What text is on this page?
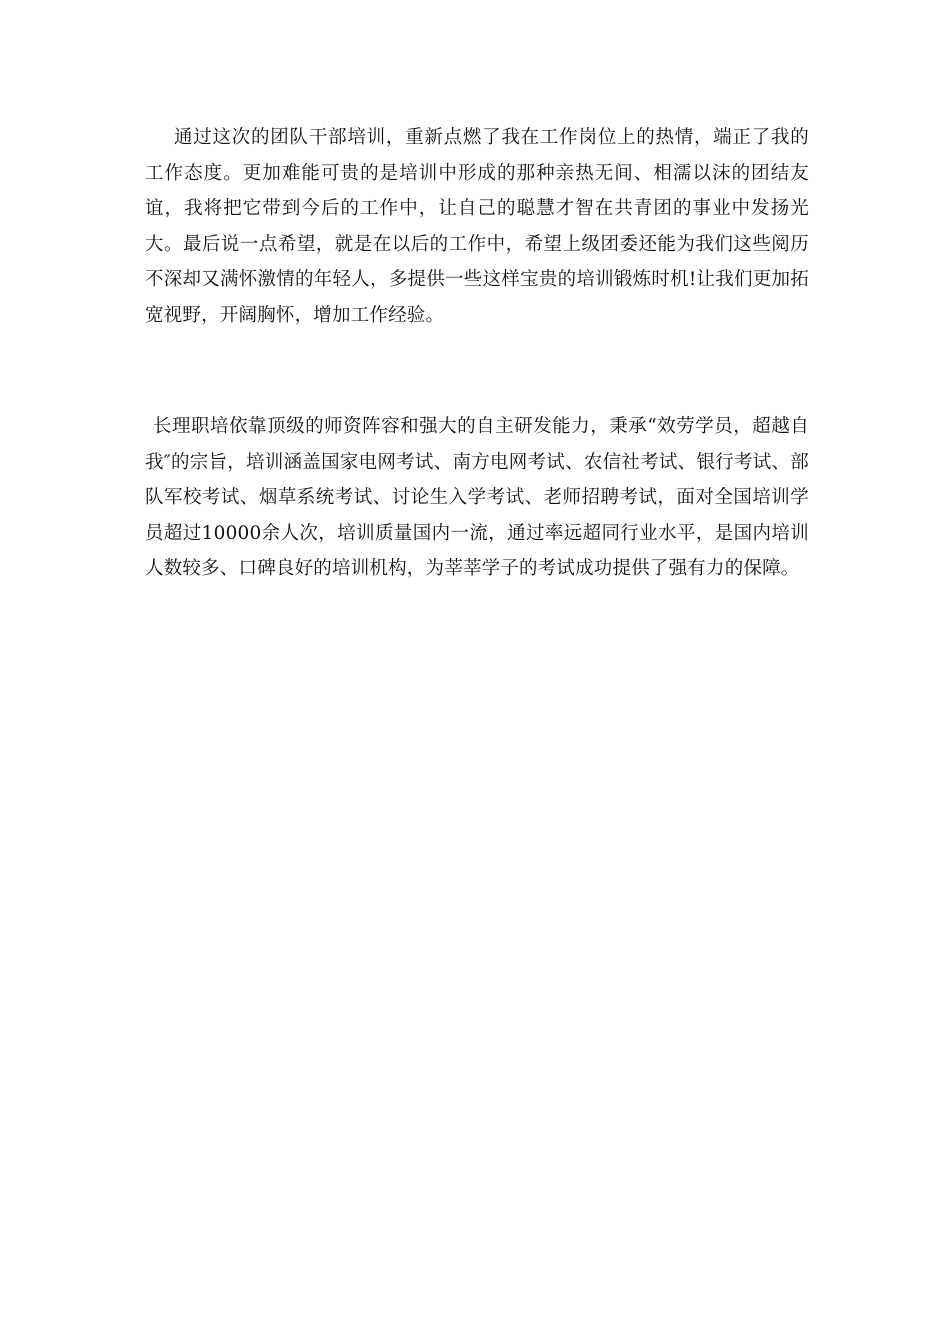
通过这次的团队干部培训，重新点燃了我在工作岗位上的热情，端正了我的工作态度。更加难能可贵的是培训中形成的那种亲热无间、相濡以沫的团结友谊，我将把它带到今后的工作中，让自己的聪慧才智在共青团的事业中发扬光大。最后说一点希望，就是在以后的工作中，希望上级团委还能为我们这些阅历不深却又满怀激情的年轻人，多提供一些这样宝贵的培训锻炼时机!让我们更加拓宽视野，开阔胸怀，增加工作经验。

长理职培依靠顶级的师资阵容和强大的自主研发能力，秉承“效劳学员，超越自我″的宗旨，培训涵盖国家电网考试、南方电网考试、农信社考试、银行考试、部队军校考试、烟草系统考试、讨论生入学考试、老师招聘考试，面对全国培训学员超过10000余人次，培训质量国内一流，通过率远超同行业水平，是国内培训人数较多、口碑良好的培训机构，为莘莘学子的考试成功提供了强有力的保障。
